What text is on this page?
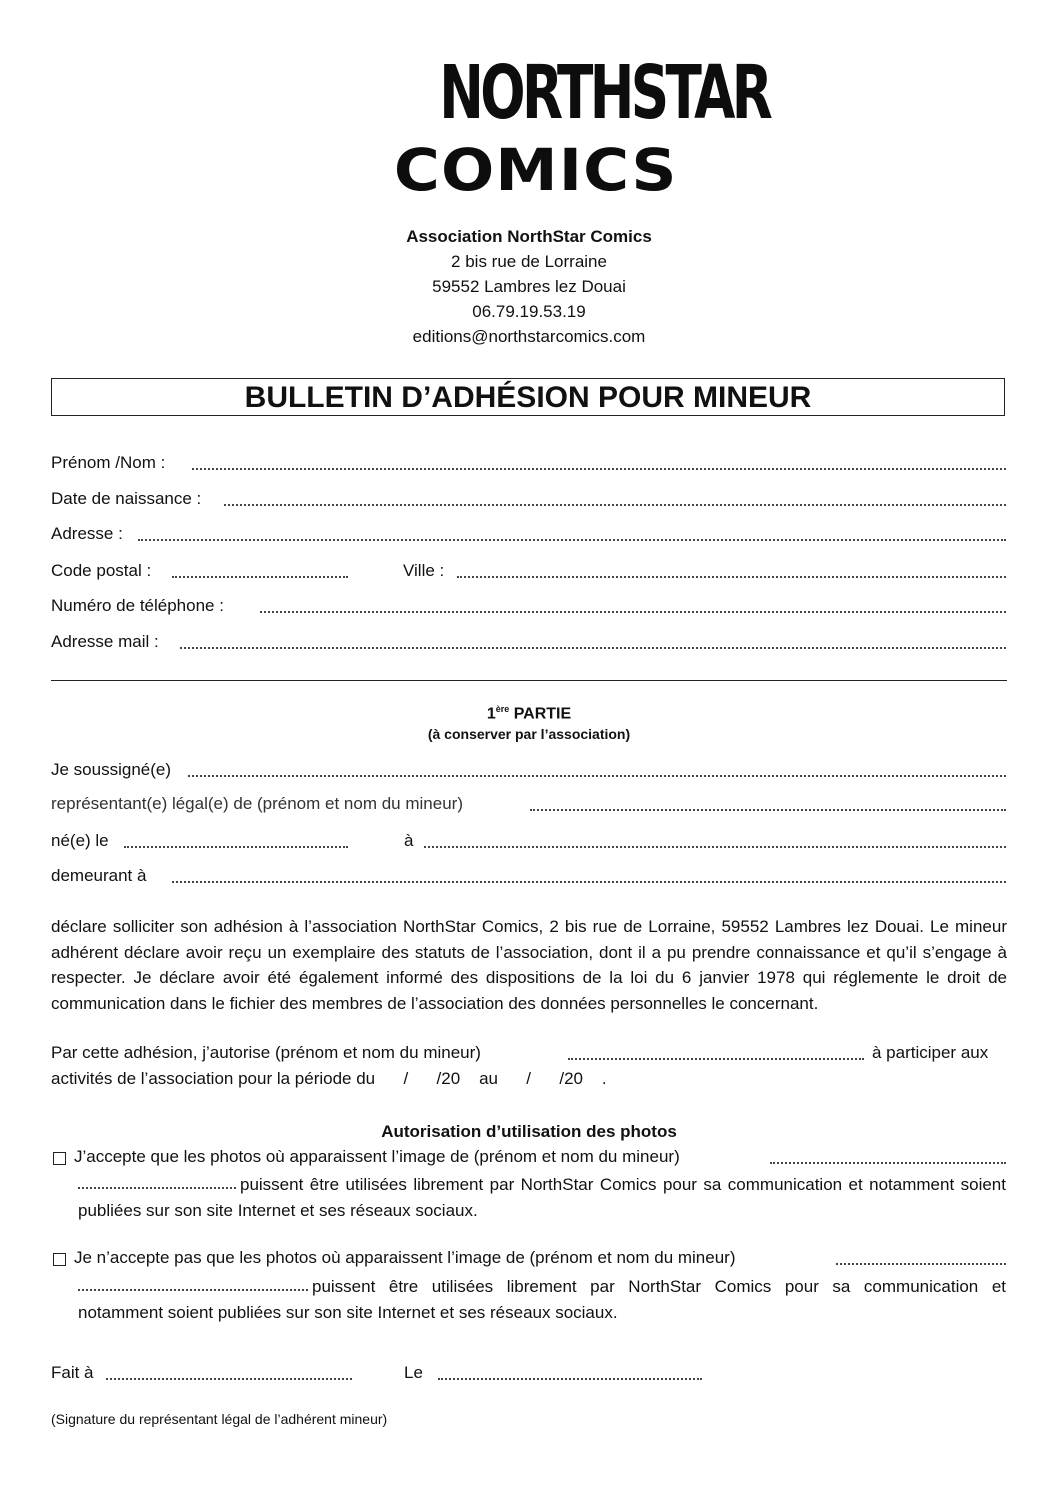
NORTHSTAR
COMICS
Association NorthStar Comics
2 bis rue de Lorraine
59552 Lambres lez Douai
06.79.19.53.19
editions@northstarcomics.com
BULLETIN D’ADHÉSION POUR MINEUR
Prénom /Nom :
Date de naissance :
Adresse :
Code postal :	Ville :
Numéro de téléphone :
Adresse mail :
1ère PARTIE
(à conserver par l’association)
Je soussigné(e)
représentant(e) légal(e) de (prénom et nom du mineur)
né(e) le	à
demeurant à
déclare solliciter son adhésion à l’association NorthStar Comics, 2 bis rue de Lorraine, 59552 Lambres lez Douai. Le mineur adhérent déclare avoir reçu un exemplaire des statuts de l’association, dont il a pu prendre connaissance et qu’il s’engage à respecter. Je déclare avoir été également informé des dispositions de la loi du 6 janvier 1978 qui réglemente le droit de communication dans le fichier des membres de l’association des données personnelles le concernant.
Par cette adhésion, j’autorise (prénom et nom du mineur)	à participer aux
activités de l’association pour la période du      /      /20    au      /      /20    .
Autorisation d’utilisation des photos
J’accepte que les photos où apparaissent l’image de (prénom et nom du mineur)
puissent être utilisées librement par NorthStar Comics pour sa communication et notamment soient publiées sur son site Internet et ses réseaux sociaux.
Je n’accepte pas que les photos où apparaissent l’image de (prénom et nom du mineur)
puissent être utilisées librement par NorthStar Comics pour sa communication et notamment soient publiées sur son site Internet et ses réseaux sociaux.
Fait à	Le
(Signature du représentant légal de l’adhérent mineur)
